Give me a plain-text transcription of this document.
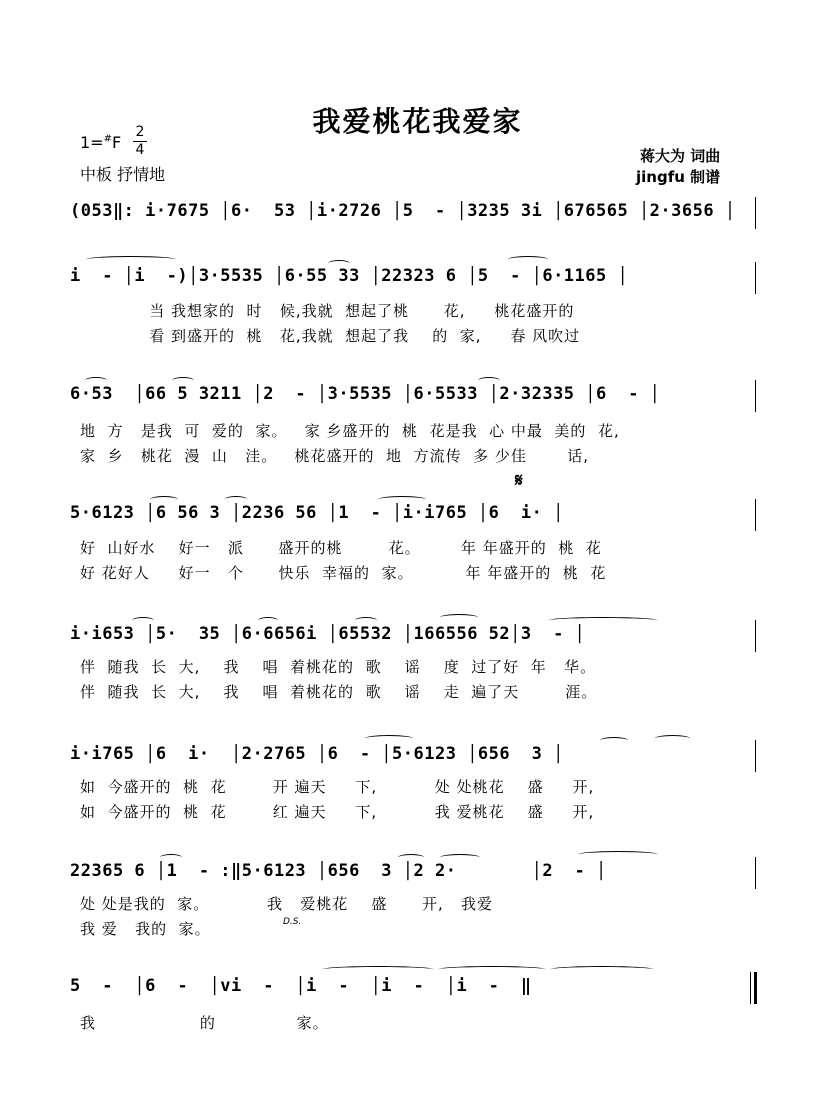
我爱桃花我爱家
1=#F
2
4
中板 抒情地
蒋大为 词曲
jingfu 制谱
𝄋
D.S.
(053‖: i·7675 │6·  53 │i·2726 │5  - │3235 3i │676565 │2·3656 │
i  - │i  -)│3·5535 │6·55 33 │22323 6 │5  - │6·1165 │
当 我想家的  时   候,我就  想起了桃      花,     桃花盛开的
看 到盛开的  桃   花,我就  想起了我    的  家,     春 风吹过
6·53  │66 5 3211 │2  - │3·5535 │6·5533 │2·32335 │6  - │
地  方   是我  可  爱的  家。   家 乡盛开的  桃  花是我  心 中最  美的  花,
家  乡   桃花  漫  山   洼。   桃花盛开的  地  方流传  多 少佳       话,
5·6123 │6 56 3 │2236 56 │1  - │i·i765 │6  i· │
好  山好水    好一   派      盛开的桃        花。       年 年盛开的  桃  花
好 花好人     好一   个      快乐  幸福的  家。         年 年盛开的  桃  花
i·i653 │5·  35 │6·6656i │65532 │166556 52│3  - │
伴  随我  长  大,    我    唱  着桃花的  歌    谣    度  过了好  年   华。
伴  随我  长  大,    我    唱  着桃花的  歌    谣    走  遍了天        涯。
i·i765 │6  i·  │2·2765 │6  - │5·6123 │656  3 │
如  今盛开的  桃  花        开 遍天     下,          处 处桃花    盛     开,
如  今盛开的  桃  花        红 遍天     下,          我 爱桃花    盛     开,
22365 6 │1  - :‖5·6123 │656  3 │2 2·       │2  - │
处 处是我的  家。          我   爱桃花    盛      开,   我爱
我 爱   我的  家。
5  -  │6  -  │vi  -  │i  -  │i  -  │i  -  ‖
我                  的              家。
